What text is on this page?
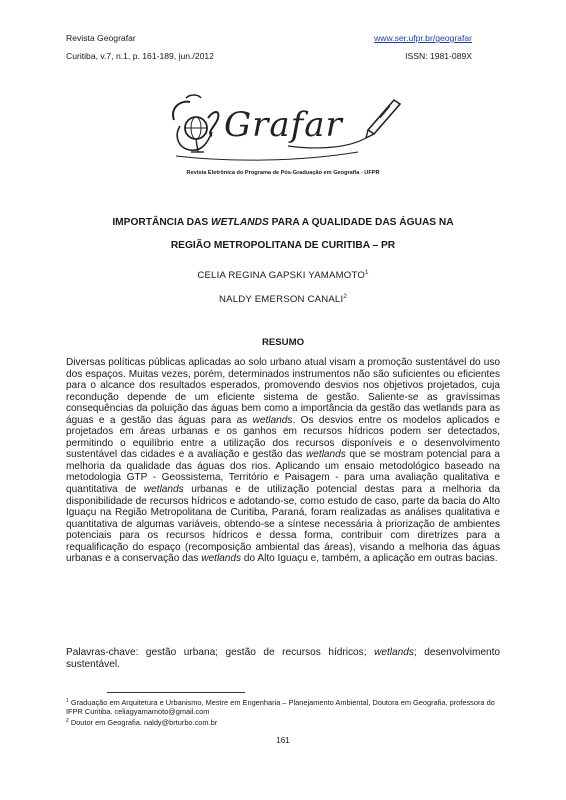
Revista Geografar	www.ser.ufpr.br/geografar
Curitiba, v.7, n.1, p. 161-189, jun./2012	ISSN: 1981-089X
Grafar
Revista Eletrônica do Programa de Pós-Graduação em Geografia - UFPR
IMPORTÂNCIA DAS WETLANDS PARA A QUALIDADE DAS ÁGUAS NA
REGIÃO METROPOLITANA DE CURITIBA – PR
CELIA REGINA GAPSKI YAMAMOTO$^1$
NALDY EMERSON CANALI$^2$
RESUMO
Diversas políticas públicas aplicadas ao solo urbano atual visam a promoção sustentável do uso dos espaços. Muitas vezes, porém, determinados instrumentos não são suficientes ou eficientes para o alcance dos resultados esperados, promovendo desvios nos objetivos projetados, cuja recondução depende de um eficiente sistema de gestão. Saliente-se as gravíssimas consequências da poluição das águas bem como a importância da gestão das wetlands para as águas e a gestão das águas para as wetlands. Os desvios entre os modelos aplicados e projetados em áreas urbanas e os ganhos em recursos hídricos podem ser detectados, permitindo o equilíbrio entre a utilização dos recursos disponíveis e o desenvolvimento sustentável das cidades e a avaliação e gestão das wetlands que se mostram potencial para a melhoria da qualidade das águas dos rios. Aplicando um ensaio metodológico baseado na metodologia GTP - Geossistema, Território e Paisagem - para uma avaliação qualitativa e quantitativa de wetlands urbanas e de utilização potencial destas para a melhoria da disponibilidade de recursos hídricos e adotando-se, como estudo de caso, parte da bacia do Alto Iguaçu na Região Metropolitana de Curitiba, Paraná, foram realizadas as análises qualitativa e quantitativa de algumas variáveis, obtendo-se a síntese necessária à priorização de ambientes potenciais para os recursos hídricos e dessa forma, contribuir com diretrizes para a requalificação do espaço (recomposição ambiental das áreas), visando a melhoria das águas urbanas e a conservação das wetlands do Alto Iguaçu e, também, a aplicação em outras bacias.
Palavras-chave: gestão urbana; gestão de recursos hídricos; wetlands; desenvolvimento sustentável.
$^1$ Graduação em Arquitetura e Urbanismo, Mestre em Engenharia – Planejamento Ambiental, Doutora em Geografia, professora do IFPR Curitiba. celiagyamamoto@gmail.com
$^2$ Doutor em Geografia. naldy@brturbo.com.br
161
